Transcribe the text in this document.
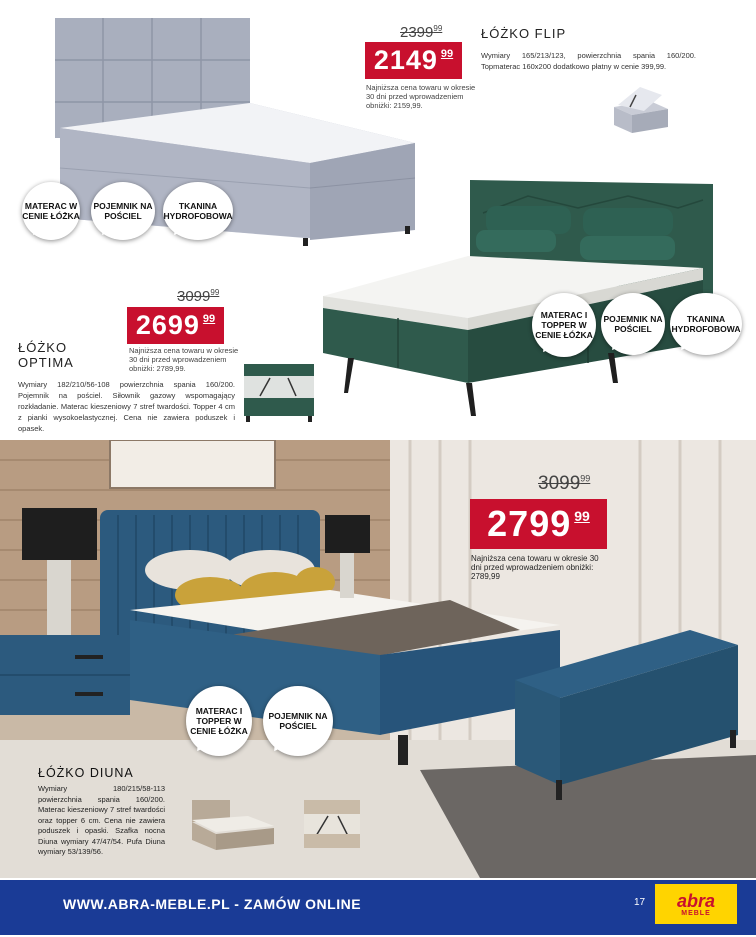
2399$^{99}$
2149 99
Najniższa cena towaru w okresie 30 dni przed wprowadzeniem obniżki: 2159,99.
ŁÓŻKO FLIP
Wymiary 165/213/123, powierzchnia spania 160/200. Topmaterac 160x200 dodatkowo płatny w cenie 399,99.
MATERAC W CENIE ŁÓŻKA
POJEMNIK NA POŚCIEL
TKANINA HYDROFOBOWA
3099$^{99}$
2699 99
Najniższa cena towaru w okresie 30 dni przed wprowadzeniem obniżki: 2789,99.
ŁÓŻKO
OPTIMA
Wymiary 182/210/56-108 powierzchnia spania 160/200. Pojemnik na pościel. Siłownik gazowy wspomagający rozkładanie. Materac kieszeniowy 7 stref twardości. Topper 4 cm z pianki wysokoelastycznej. Cena nie zawiera poduszek i opasek.
MATERAC I TOPPER W CENIE ŁÓŻKA
POJEMNIK NA POŚCIEL
TKANINA HYDROFOBOWA
3099$^{99}$
2799 99
Najniższa cena towaru w okresie 30 dni przed wprowadzeniem obniżki: 2789,99
MATERAC I TOPPER W CENIE ŁÓŻKA
POJEMNIK NA POŚCIEL
ŁÓŻKO DIUNA
Wymiary 180/215/58-113 powierzchnia spania 160/200. Materac kieszeniowy 7 stref twardości oraz topper 6 cm. Cena nie zawiera poduszek i opaski. Szafka nocna Diuna wymiary 47/47/54. Pufa Diuna wymiary 53/139/56.
WWW.ABRA-MEBLE.PL - ZAMÓW ONLINE	17 abra
MEBLE
